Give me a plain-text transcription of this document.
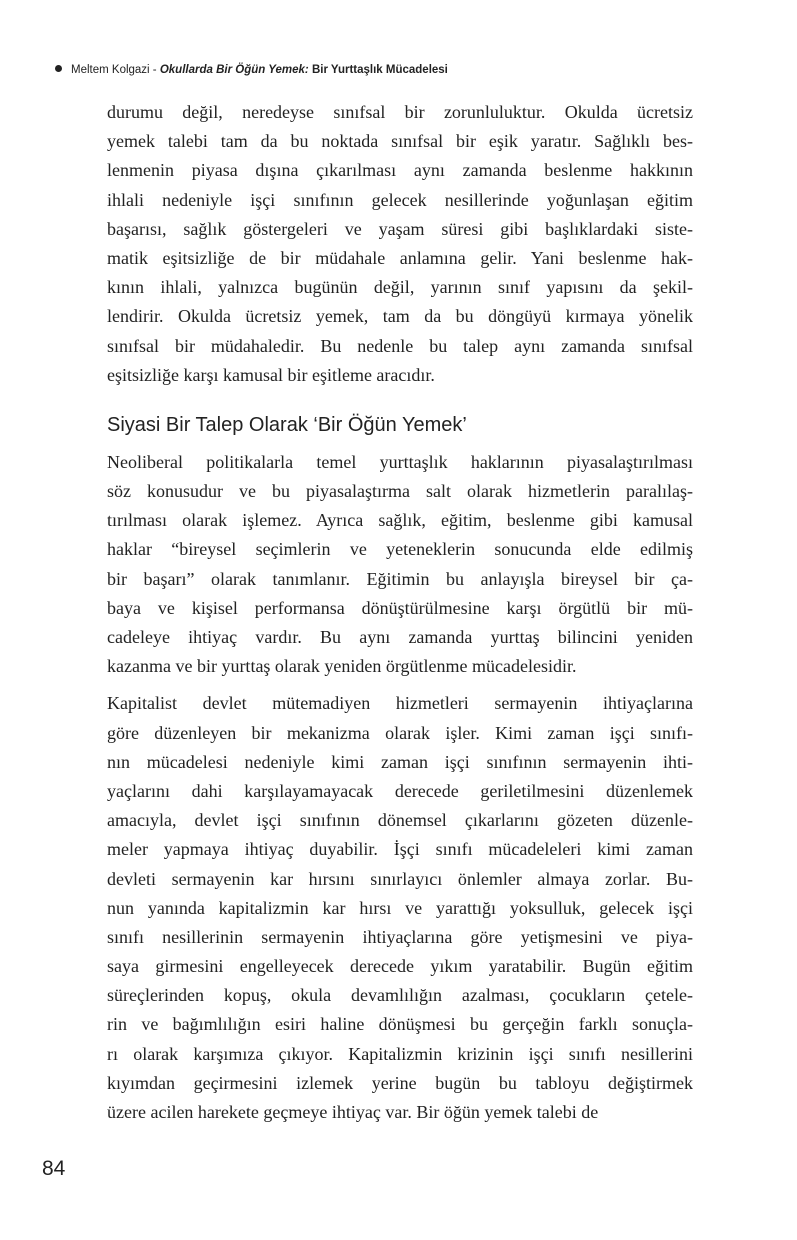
Meltem Kolgazi - Okullarda Bir Öğün Yemek: Bir Yurttaşlık Mücadelesi
durumu değil, neredeyse sınıfsal bir zorunluluktur. Okulda ücretsiz
yemek talebi tam da bu noktada sınıfsal bir eşik yaratır. Sağlıklı bes-
lenmenin piyasa dışına çıkarılması aynı zamanda beslenme hakkının
ihlali nedeniyle işçi sınıfının gelecek nesillerinde yoğunlaşan eğitim
başarısı, sağlık göstergeleri ve yaşam süresi gibi başlıklardaki siste-
matik eşitsizliğe de bir müdahale anlamına gelir. Yani beslenme hak-
kının ihlali, yalnızca bugünün değil, yarının sınıf yapısını da şekil-
lendirir. Okulda ücretsiz yemek, tam da bu döngüyü kırmaya yönelik
sınıfsal bir müdahaledir. Bu nedenle bu talep aynı zamanda sınıfsal
eşitsizliğe karşı kamusal bir eşitleme aracıdır.
Siyasi Bir Talep Olarak ‘Bir Öğün Yemek’
Neoliberal politikalarla temel yurttaşlık haklarının piyasalaştırılması
söz konusudur ve bu piyasalaştırma salt olarak hizmetlerin paralılaş-
tırılması olarak işlemez. Ayrıca sağlık, eğitim, beslenme gibi kamusal
haklar “bireysel seçimlerin ve yeteneklerin sonucunda elde edilmiş
bir başarı” olarak tanımlanır. Eğitimin bu anlayışla bireysel bir ça-
baya ve kişisel performansa dönüştürülmesine karşı örgütlü bir mü-
cadeleye ihtiyaç vardır. Bu aynı zamanda yurttaş bilincini yeniden
kazanma ve bir yurttaş olarak yeniden örgütlenme mücadelesidir.
Kapitalist devlet mütemadiyen hizmetleri sermayenin ihtiyaçlarına
göre düzenleyen bir mekanizma olarak işler. Kimi zaman işçi sınıfı-
nın mücadelesi nedeniyle kimi zaman işçi sınıfının sermayenin ihti-
yaçlarını dahi karşılayamayacak derecede geriletilmesini düzenlemek
amacıyla, devlet işçi sınıfının dönemsel çıkarlarını gözeten düzenle-
meler yapmaya ihtiyaç duyabilir. İşçi sınıfı mücadeleleri kimi zaman
devleti sermayenin kar hırsını sınırlayıcı önlemler almaya zorlar. Bu-
nun yanında kapitalizmin kar hırsı ve yarattığı yoksulluk, gelecek işçi
sınıfı nesillerinin sermayenin ihtiyaçlarına göre yetişmesini ve piya-
saya girmesini engelleyecek derecede yıkım yaratabilir. Bugün eğitim
süreçlerinden kopuş, okula devamlılığın azalması, çocukların çetele-
rin ve bağımlılığın esiri haline dönüşmesi bu gerçeğin farklı sonuçla-
rı olarak karşımıza çıkıyor. Kapitalizmin krizinin işçi sınıfı nesillerini
kıyımdan geçirmesini izlemek yerine bugün bu tabloyu değiştirmek
üzere acilen harekete geçmeye ihtiyaç var. Bir öğün yemek talebi de
84
